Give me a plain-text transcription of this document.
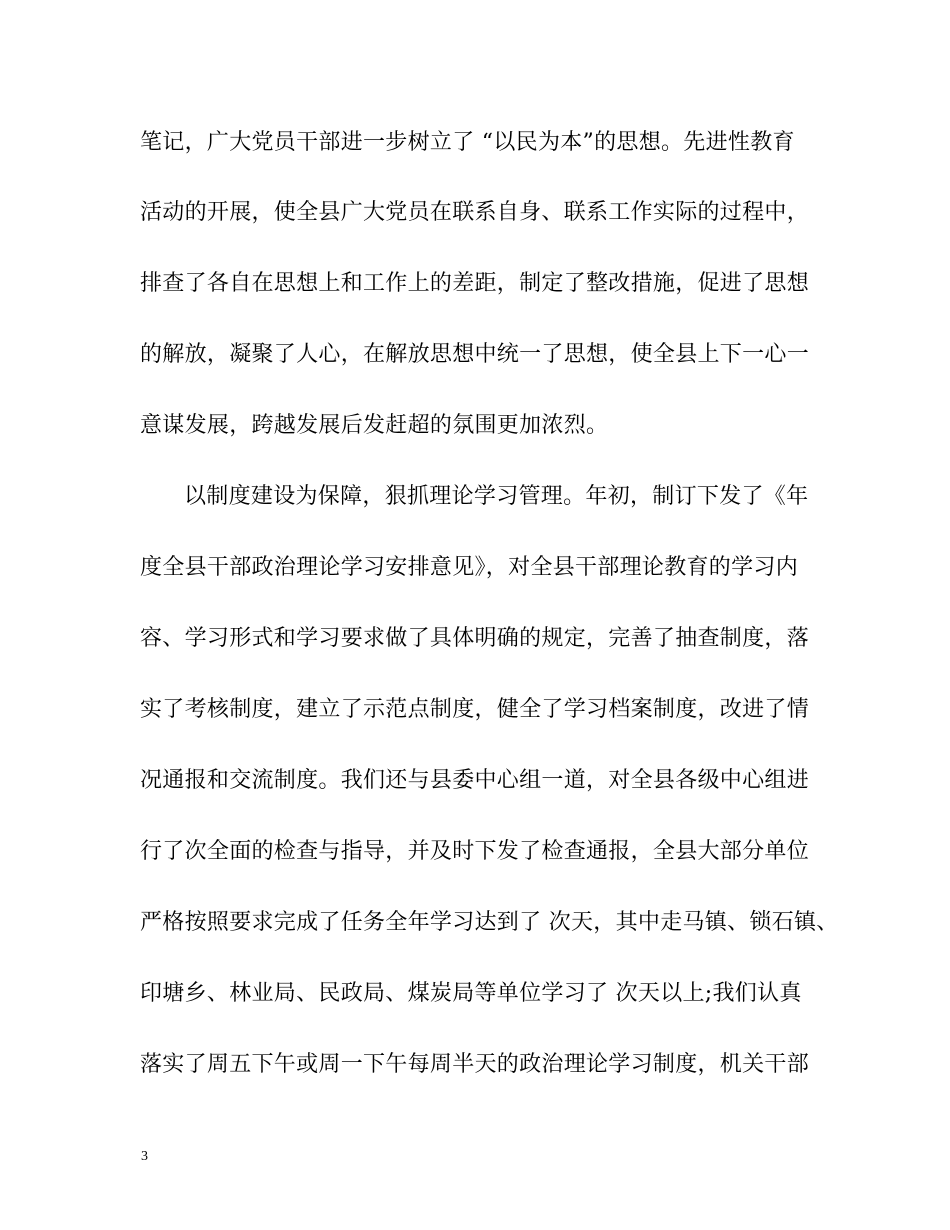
笔记，广大党员干部进一步树立了 “以民为本”的思想。先进性教育
活动的开展，使全县广大党员在联系自身、联系工作实际的过程中，
排查了各自在思想上和工作上的差距，制定了整改措施，促进了思想
的解放，凝聚了人心，在解放思想中统一了思想，使全县上下一心一
意谋发展，跨越发展后发赶超的氛围更加浓烈。
以制度建设为保障，狠抓理论学习管理。年初，制订下发了《年
度全县干部政治理论学习安排意见》，对全县干部理论教育的学习内
容、学习形式和学习要求做了具体明确的规定，完善了抽查制度，落
实了考核制度，建立了示范点制度，健全了学习档案制度，改进了情
况通报和交流制度。我们还与县委中心组一道，对全县各级中心组进
行了次全面的检查与指导，并及时下发了检查通报，全县大部分单位
严格按照要求完成了任务全年学习达到了 次天，其中走马镇、锁石镇、
印塘乡、林业局、民政局、煤炭局等单位学习了 次天以上;我们认真
落实了周五下午或周一下午每周半天的政治理论学习制度，机关干部
3
